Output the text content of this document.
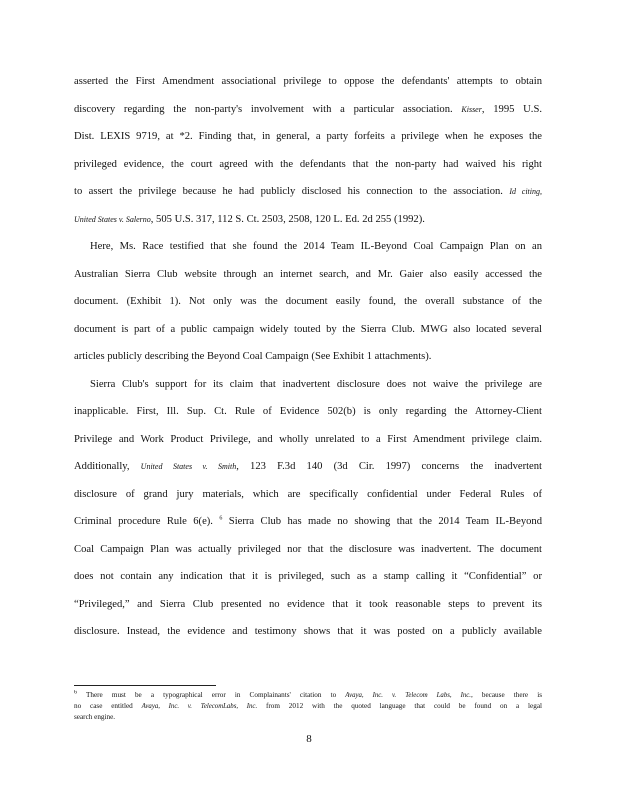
asserted the First Amendment associational privilege to oppose the defendants' attempts to obtain
discovery regarding the non-party's involvement with a particular association. Kisser, 1995 U.S.
Dist. LEXIS 9719, at *2. Finding that, in general, a party forfeits a privilege when he exposes the
privileged evidence, the court agreed with the defendants that the non-party had waived his right
to assert the privilege because he had publicly disclosed his connection to the association. Id citing,
United States v. Salerno, 505 U.S. 317, 112 S. Ct. 2503, 2508, 120 L. Ed. 2d 255 (1992).
Here, Ms. Race testified that she found the 2014 Team IL-Beyond Coal Campaign Plan on an
Australian Sierra Club website through an internet search, and Mr. Gaier also easily accessed the
document. (Exhibit 1). Not only was the document easily found, the overall substance of the
document is part of a public campaign widely touted by the Sierra Club. MWG also located several
articles publicly describing the Beyond Coal Campaign (See Exhibit 1 attachments).
Sierra Club's support for its claim that inadvertent disclosure does not waive the privilege are
inapplicable. First, Ill. Sup. Ct. Rule of Evidence 502(b) is only regarding the Attorney-Client
Privilege and Work Product Privilege, and wholly unrelated to a First Amendment privilege claim.
Additionally, United States v. Smith, 123 F.3d 140 (3d Cir. 1997) concerns the inadvertent
disclosure of grand jury materials, which are specifically confidential under Federal Rules of
Criminal procedure Rule 6(e). $^6$ Sierra Club has made no showing that the 2014 Team IL-Beyond
Coal Campaign Plan was actually privileged nor that the disclosure was inadvertent. The document
does not contain any indication that it is privileged, such as a stamp calling it “Confidential” or
“Privileged,” and Sierra Club presented no evidence that it took reasonable steps to prevent its
disclosure. Instead, the evidence and testimony shows that it was posted on a publicly available
$^6$ There must be a typographical error in Complainants' citation to Avaya, Inc. v. Telecom Labs, Inc., because there is
no case entitled Avaya, Inc. v. TelecomLabs, Inc. from 2012 with the quoted language that could be found on a legal
search engine.
8
